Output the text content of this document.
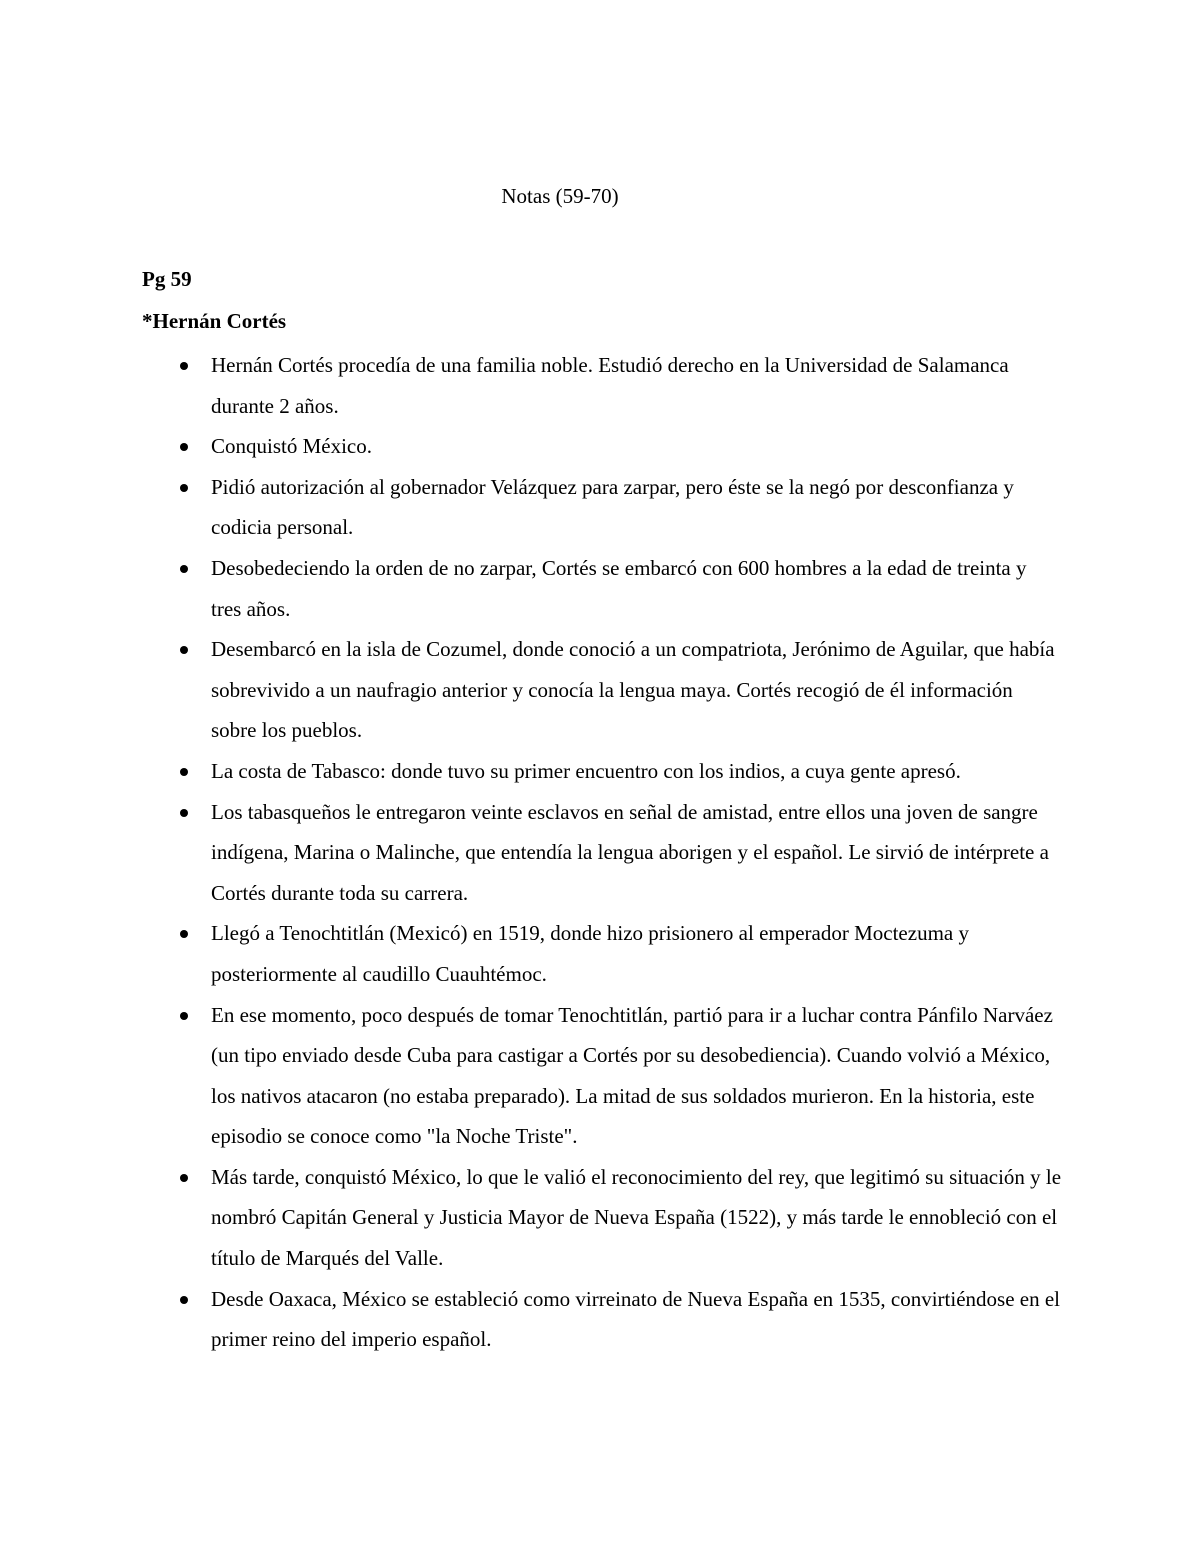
Notas (59-70)
Pg 59
*Hernán Cortés
Hernán Cortés procedía de una familia noble. Estudió derecho en la Universidad de Salamanca durante 2 años.
Conquistó México.
Pidió autorización al gobernador Velázquez para zarpar, pero éste se la negó por desconfianza y codicia personal.
Desobedeciendo la orden de no zarpar, Cortés se embarcó con 600 hombres a la edad de treinta y tres años.
Desembarcó en la isla de Cozumel, donde conoció a un compatriota, Jerónimo de Aguilar, que había sobrevivido a un naufragio anterior y conocía la lengua maya. Cortés recogió de él información sobre los pueblos.
La costa de Tabasco: donde tuvo su primer encuentro con los indios, a cuya gente apresó.
Los tabasqueños le entregaron veinte esclavos en señal de amistad, entre ellos una joven de sangre indígena, Marina o Malinche, que entendía la lengua aborigen y el español. Le sirvió de intérprete a Cortés durante toda su carrera.
Llegó a Tenochtitlán (Mexicó) en 1519, donde hizo prisionero al emperador Moctezuma y posteriormente al caudillo Cuauhtémoc.
En ese momento, poco después de tomar Tenochtitlán, partió para ir a luchar contra Pánfilo Narváez (un tipo enviado desde Cuba para castigar a Cortés por su desobediencia). Cuando volvió a México, los nativos atacaron (no estaba preparado). La mitad de sus soldados murieron. En la historia, este episodio se conoce como "la Noche Triste".
Más tarde, conquistó México, lo que le valió el reconocimiento del rey, que legitimó su situación y le nombró Capitán General y Justicia Mayor de Nueva España (1522), y más tarde le ennobleció con el título de Marqués del Valle.
Desde Oaxaca, México se estableció como virreinato de Nueva España en 1535, convirtiéndose en el primer reino del imperio español.
